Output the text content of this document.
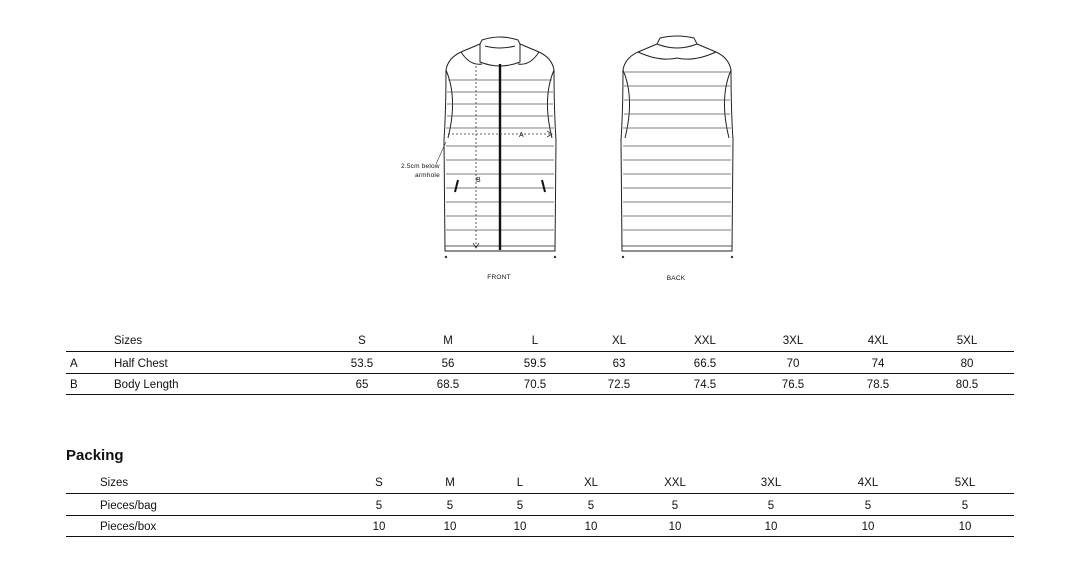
A
B
2.5cm below
armhole
FRONT	BACK
Sizes	S	M	L	XL	XXL	3XL	4XL	5XL
A	Half Chest	53.5	56	59.5	63	66.5	70	74	80
B	Body Length	65	68.5	70.5	72.5	74.5	76.5	78.5	80.5
Packing
Sizes	S	M	L	XL	XXL	3XL	4XL	5XL
Pieces/bag	5	5	5	5	5	5	5	5
Pieces/box	10	10	10	10	10	10	10	10
